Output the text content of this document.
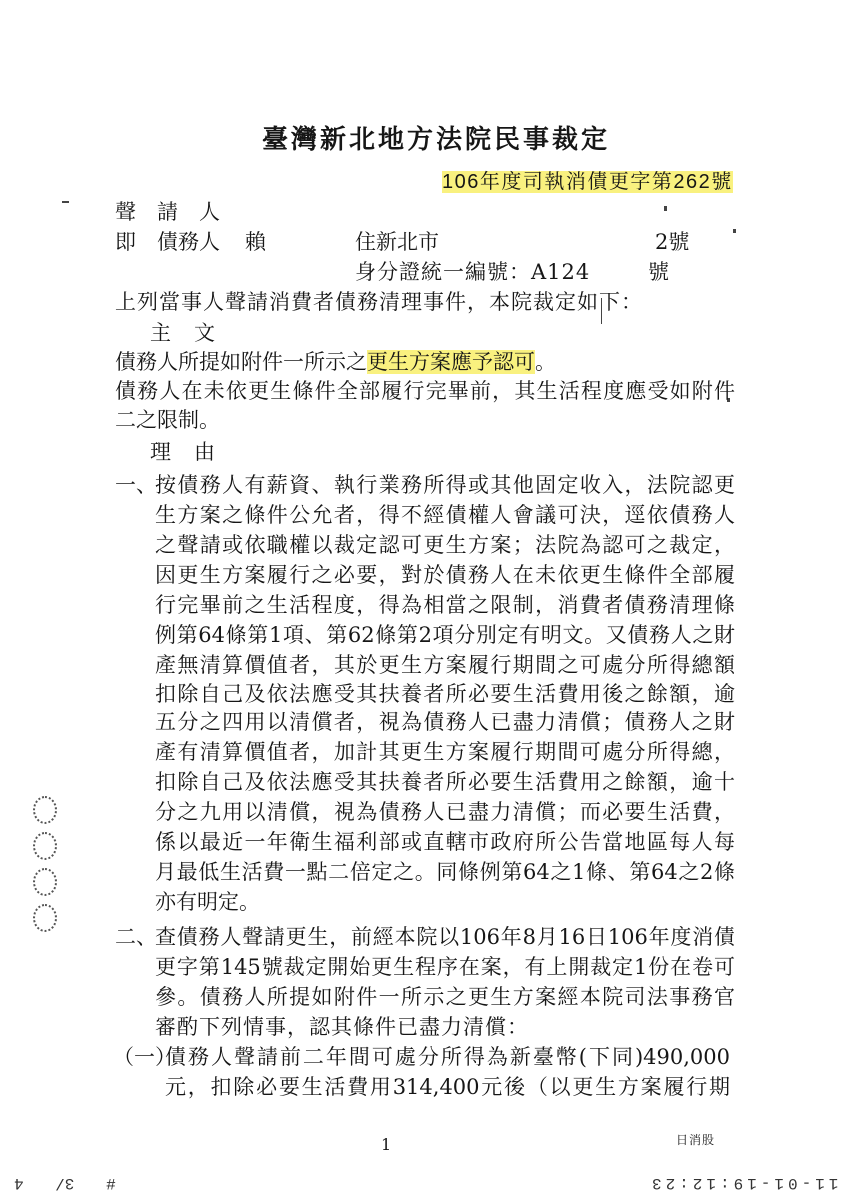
臺灣新北地方法院民事裁定
106年度司執消債更字第262號
聲　請　人
即　債務人 賴	住新北市	2號
身分證統一編號：A124	號
上列當事人聲請消費者債務清理事件，本院裁定如下：
主　文
債務人所提如附件一所示之更生方案應予認可。
債務人在未依更生條件全部履行完畢前，其生活程度應受如附件
二之限制。
理　由
一、
按債務人有薪資、執行業務所得或其他固定收入，法院認更
生方案之條件公允者，得不經債權人會議可決，逕依債務人
之聲請或依職權以裁定認可更生方案；法院為認可之裁定，
因更生方案履行之必要，對於債務人在未依更生條件全部履
行完畢前之生活程度，得為相當之限制，消費者債務清理條
例第64條第1項、第62條第2項分別定有明文。又債務人之財
產無清算價值者，其於更生方案履行期間之可處分所得總額
扣除自己及依法應受其扶養者所必要生活費用後之餘額，逾
五分之四用以清償者，視為債務人已盡力清償；債務人之財
產有清算價值者，加計其更生方案履行期間可處分所得總，
扣除自己及依法應受其扶養者所必要生活費用之餘額，逾十
分之九用以清償，視為債務人已盡力清償；而必要生活費，
係以最近一年衛生福利部或直轄市政府所公告當地區每人每
月最低生活費一點二倍定之。同條例第64之1條、第64之2條
亦有明定。
二、
查債務人聲請更生，前經本院以106年8月16日106年度消債
更字第145號裁定開始更生程序在案，有上開裁定1份在卷可
參。債務人所提如附件一所示之更生方案經本院司法事務官
審酌下列情事，認其條件已盡力清償：
（一）
債務人聲請前二年間可處分所得為新臺幣(下同)490,000
元，扣除必要生活費用314,400元後（以更生方案履行期
1	日消股
# 3/ 4	11-01-19:12:23
